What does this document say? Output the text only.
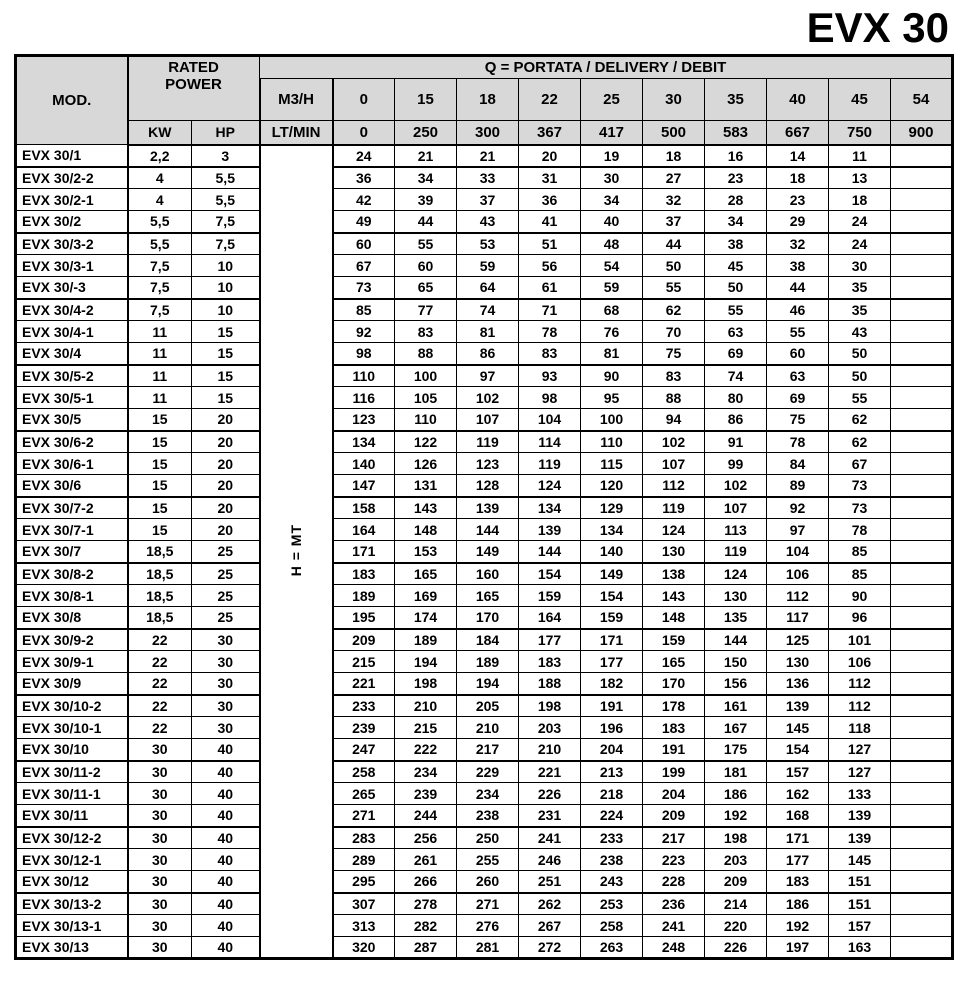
EVX 30
MOD.	RATED POWER		Q = PORTATA / DELIVERY / DEBIT										
			M3/H	0	15	18	22	25	30	35	40	45	54
	KW	HP	LT/MIN	0	250	300	367	417	500	583	667	750	900
EVX 30/1	2,2	3	H = MT	24	21	21	20	19	18	16	14	11	
EVX 30/2-2	4	5,5		36	34	33	31	30	27	23	18	13	
EVX 30/2-1	4	5,5		42	39	37	36	34	32	28	23	18	
EVX 30/2	5,5	7,5		49	44	43	41	40	37	34	29	24	
EVX 30/3-2	5,5	7,5		60	55	53	51	48	44	38	32	24	
EVX 30/3-1	7,5	10		67	60	59	56	54	50	45	38	30	
EVX 30/-3	7,5	10		73	65	64	61	59	55	50	44	35	
EVX 30/4-2	7,5	10		85	77	74	71	68	62	55	46	35	
EVX 30/4-1	11	15		92	83	81	78	76	70	63	55	43	
EVX 30/4	11	15		98	88	86	83	81	75	69	60	50	
EVX 30/5-2	11	15		110	100	97	93	90	83	74	63	50	
EVX 30/5-1	11	15		116	105	102	98	95	88	80	69	55	
EVX 30/5	15	20		123	110	107	104	100	94	86	75	62	
EVX 30/6-2	15	20		134	122	119	114	110	102	91	78	62	
EVX 30/6-1	15	20		140	126	123	119	115	107	99	84	67	
EVX 30/6	15	20		147	131	128	124	120	112	102	89	73	
EVX 30/7-2	15	20		158	143	139	134	129	119	107	92	73	
EVX 30/7-1	15	20		164	148	144	139	134	124	113	97	78	
EVX 30/7	18,5	25		171	153	149	144	140	130	119	104	85	
EVX 30/8-2	18,5	25		183	165	160	154	149	138	124	106	85	
EVX 30/8-1	18,5	25		189	169	165	159	154	143	130	112	90	
EVX 30/8	18,5	25		195	174	170	164	159	148	135	117	96	
EVX 30/9-2	22	30		209	189	184	177	171	159	144	125	101	
EVX 30/9-1	22	30		215	194	189	183	177	165	150	130	106	
EVX 30/9	22	30		221	198	194	188	182	170	156	136	112	
EVX 30/10-2	22	30		233	210	205	198	191	178	161	139	112	
EVX 30/10-1	22	30		239	215	210	203	196	183	167	145	118	
EVX 30/10	30	40		247	222	217	210	204	191	175	154	127	
EVX 30/11-2	30	40		258	234	229	221	213	199	181	157	127	
EVX 30/11-1	30	40		265	239	234	226	218	204	186	162	133	
EVX 30/11	30	40		271	244	238	231	224	209	192	168	139	
EVX 30/12-2	30	40		283	256	250	241	233	217	198	171	139	
EVX 30/12-1	30	40		289	261	255	246	238	223	203	177	145	
EVX 30/12	30	40		295	266	260	251	243	228	209	183	151	
EVX 30/13-2	30	40		307	278	271	262	253	236	214	186	151	
EVX 30/13-1	30	40		313	282	276	267	258	241	220	192	157	
EVX 30/13	30	40		320	287	281	272	263	248	226	197	163	
